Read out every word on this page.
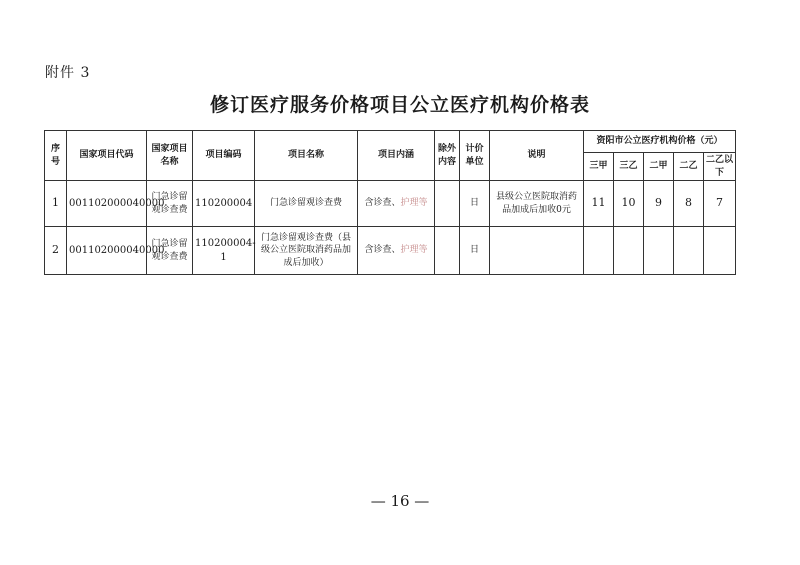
附件 3
修订医疗服务价格项目公立医疗机构价格表
序号	国家项目代码	国家项目名称	项目编码	项目名称	项目内涵	除外内容	计价单位	说明	资阳市公立医疗机构价格（元）				
									三甲	三乙	二甲	二乙	二乙以下
1	001102000040000	门急诊留观诊查费	110200004	门急诊留观诊查费	含诊查、护理等		日	县级公立医院取消药品加成后加收0元	11	10	9	8	7
2	001102000040000	门急诊留观诊查费	110200004-1	门急诊留观诊查费（县级公立医院取消药品加成后加收）	含诊查、护理等		日						
— 16 —
